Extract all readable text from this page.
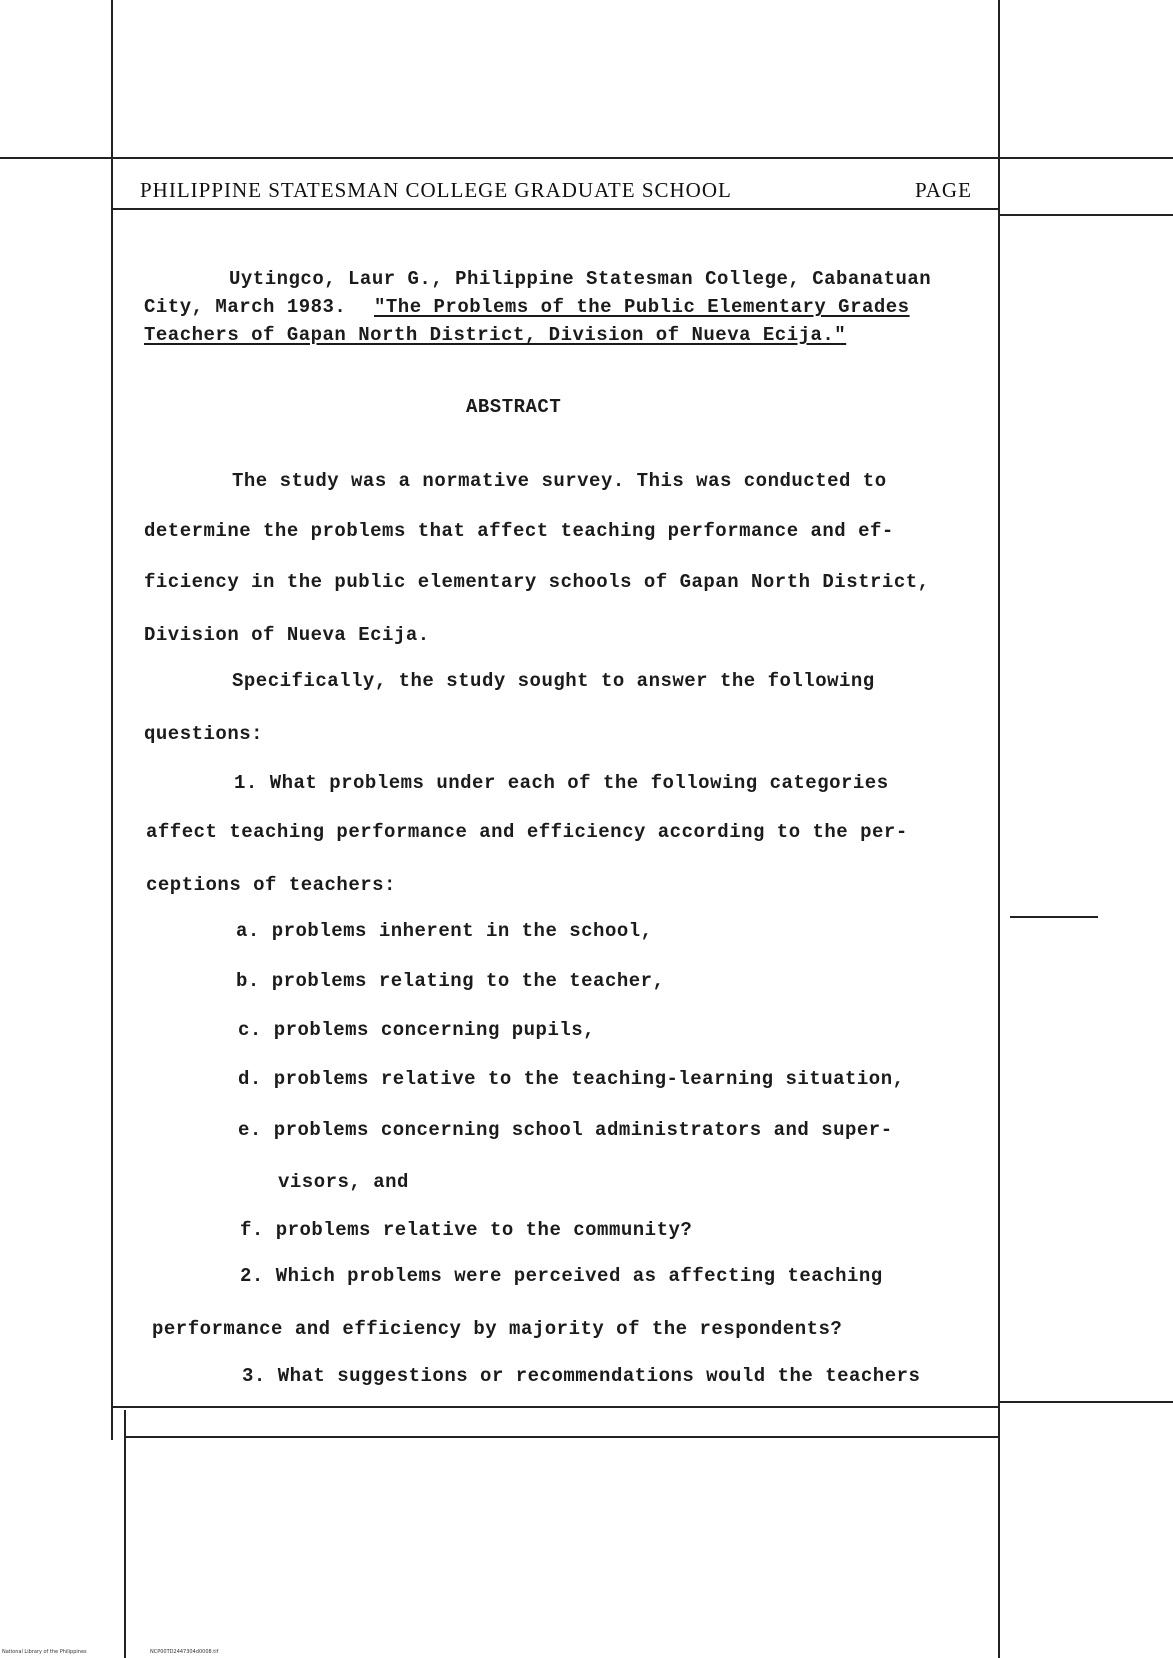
PHILIPPINE STATESMAN COLLEGE GRADUATE SCHOOL	PAGE
Uytingco, Laur G., Philippine Statesman College, Cabanatuan
City, March 1983. "The Problems of the Public Elementary Grades
Teachers of Gapan North District, Division of Nueva Ecija."
ABSTRACT
The study was a normative survey. This was conducted to
determine the problems that affect teaching performance and ef-
ficiency in the public elementary schools of Gapan North District,
Division of Nueva Ecija.
Specifically, the study sought to answer the following
questions:
1. What problems under each of the following categories
affect teaching performance and efficiency according to the per-
ceptions of teachers:
a. problems inherent in the school,
b. problems relating to the teacher,
c. problems concerning pupils,
d. problems relative to the teaching-learning situation,
e. problems concerning school administrators and super-
visors, and
f. problems relative to the community?
2. Which problems were perceived as affecting teaching
performance and efficiency by majority of the respondents?
3. What suggestions or recommendations would the teachers
National Library of the Philippines	NCP00TD2447304d0008.tif
